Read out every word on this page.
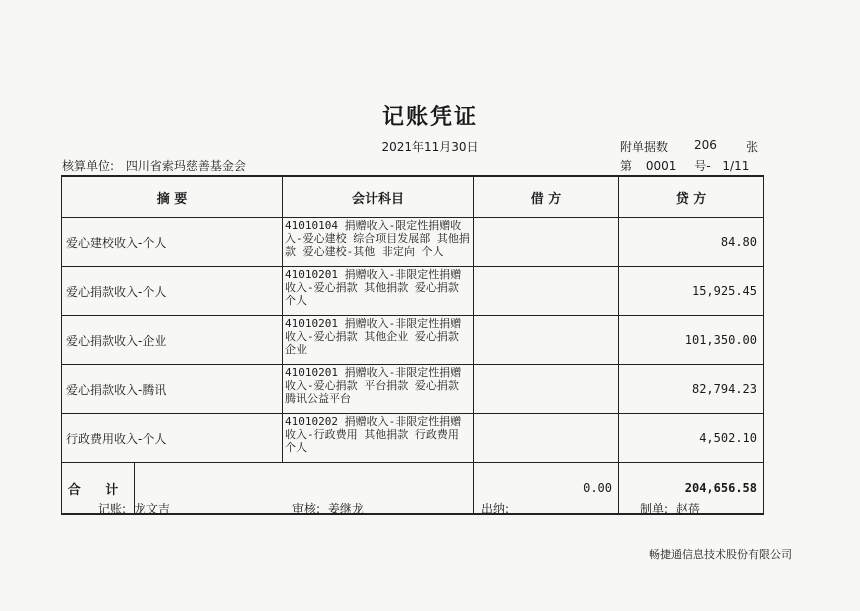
记账凭证
2021年11月30日
核算单位: 四川省索玛慈善基金会
附单据数 206 张
第 0001 号- 1/11
摘 要		会计科目	借 方	贷 方
爱心建校收入-个人		41010104 捐赠收入-限定性捐赠收入-爱心建校 综合项目发展部 其他捐款 爱心建校-其他 非定向 个人		84.80
爱心捐款收入-个人		41010201 捐赠收入-非限定性捐赠收入-爱心捐款 其他捐款 爱心捐款 个人		15,925.45
爱心捐款收入-企业		41010201 捐赠收入-非限定性捐赠收入-爱心捐款 其他企业 爱心捐款 企业		101,350.00
爱心捐款收入-腾讯		41010201 捐赠收入-非限定性捐赠收入-爱心捐款 平台捐款 爱心捐款 腾讯公益平台		82,794.23
行政费用收入-个人		41010202 捐赠收入-非限定性捐赠收入-行政费用 其他捐款 行政费用 个人		4,502.10
合 计			0.00	204,656.58
记账: 龙文吉	审核: 姜继龙	出纳:	制单: 赵蓓
畅捷通信息技术股份有限公司
